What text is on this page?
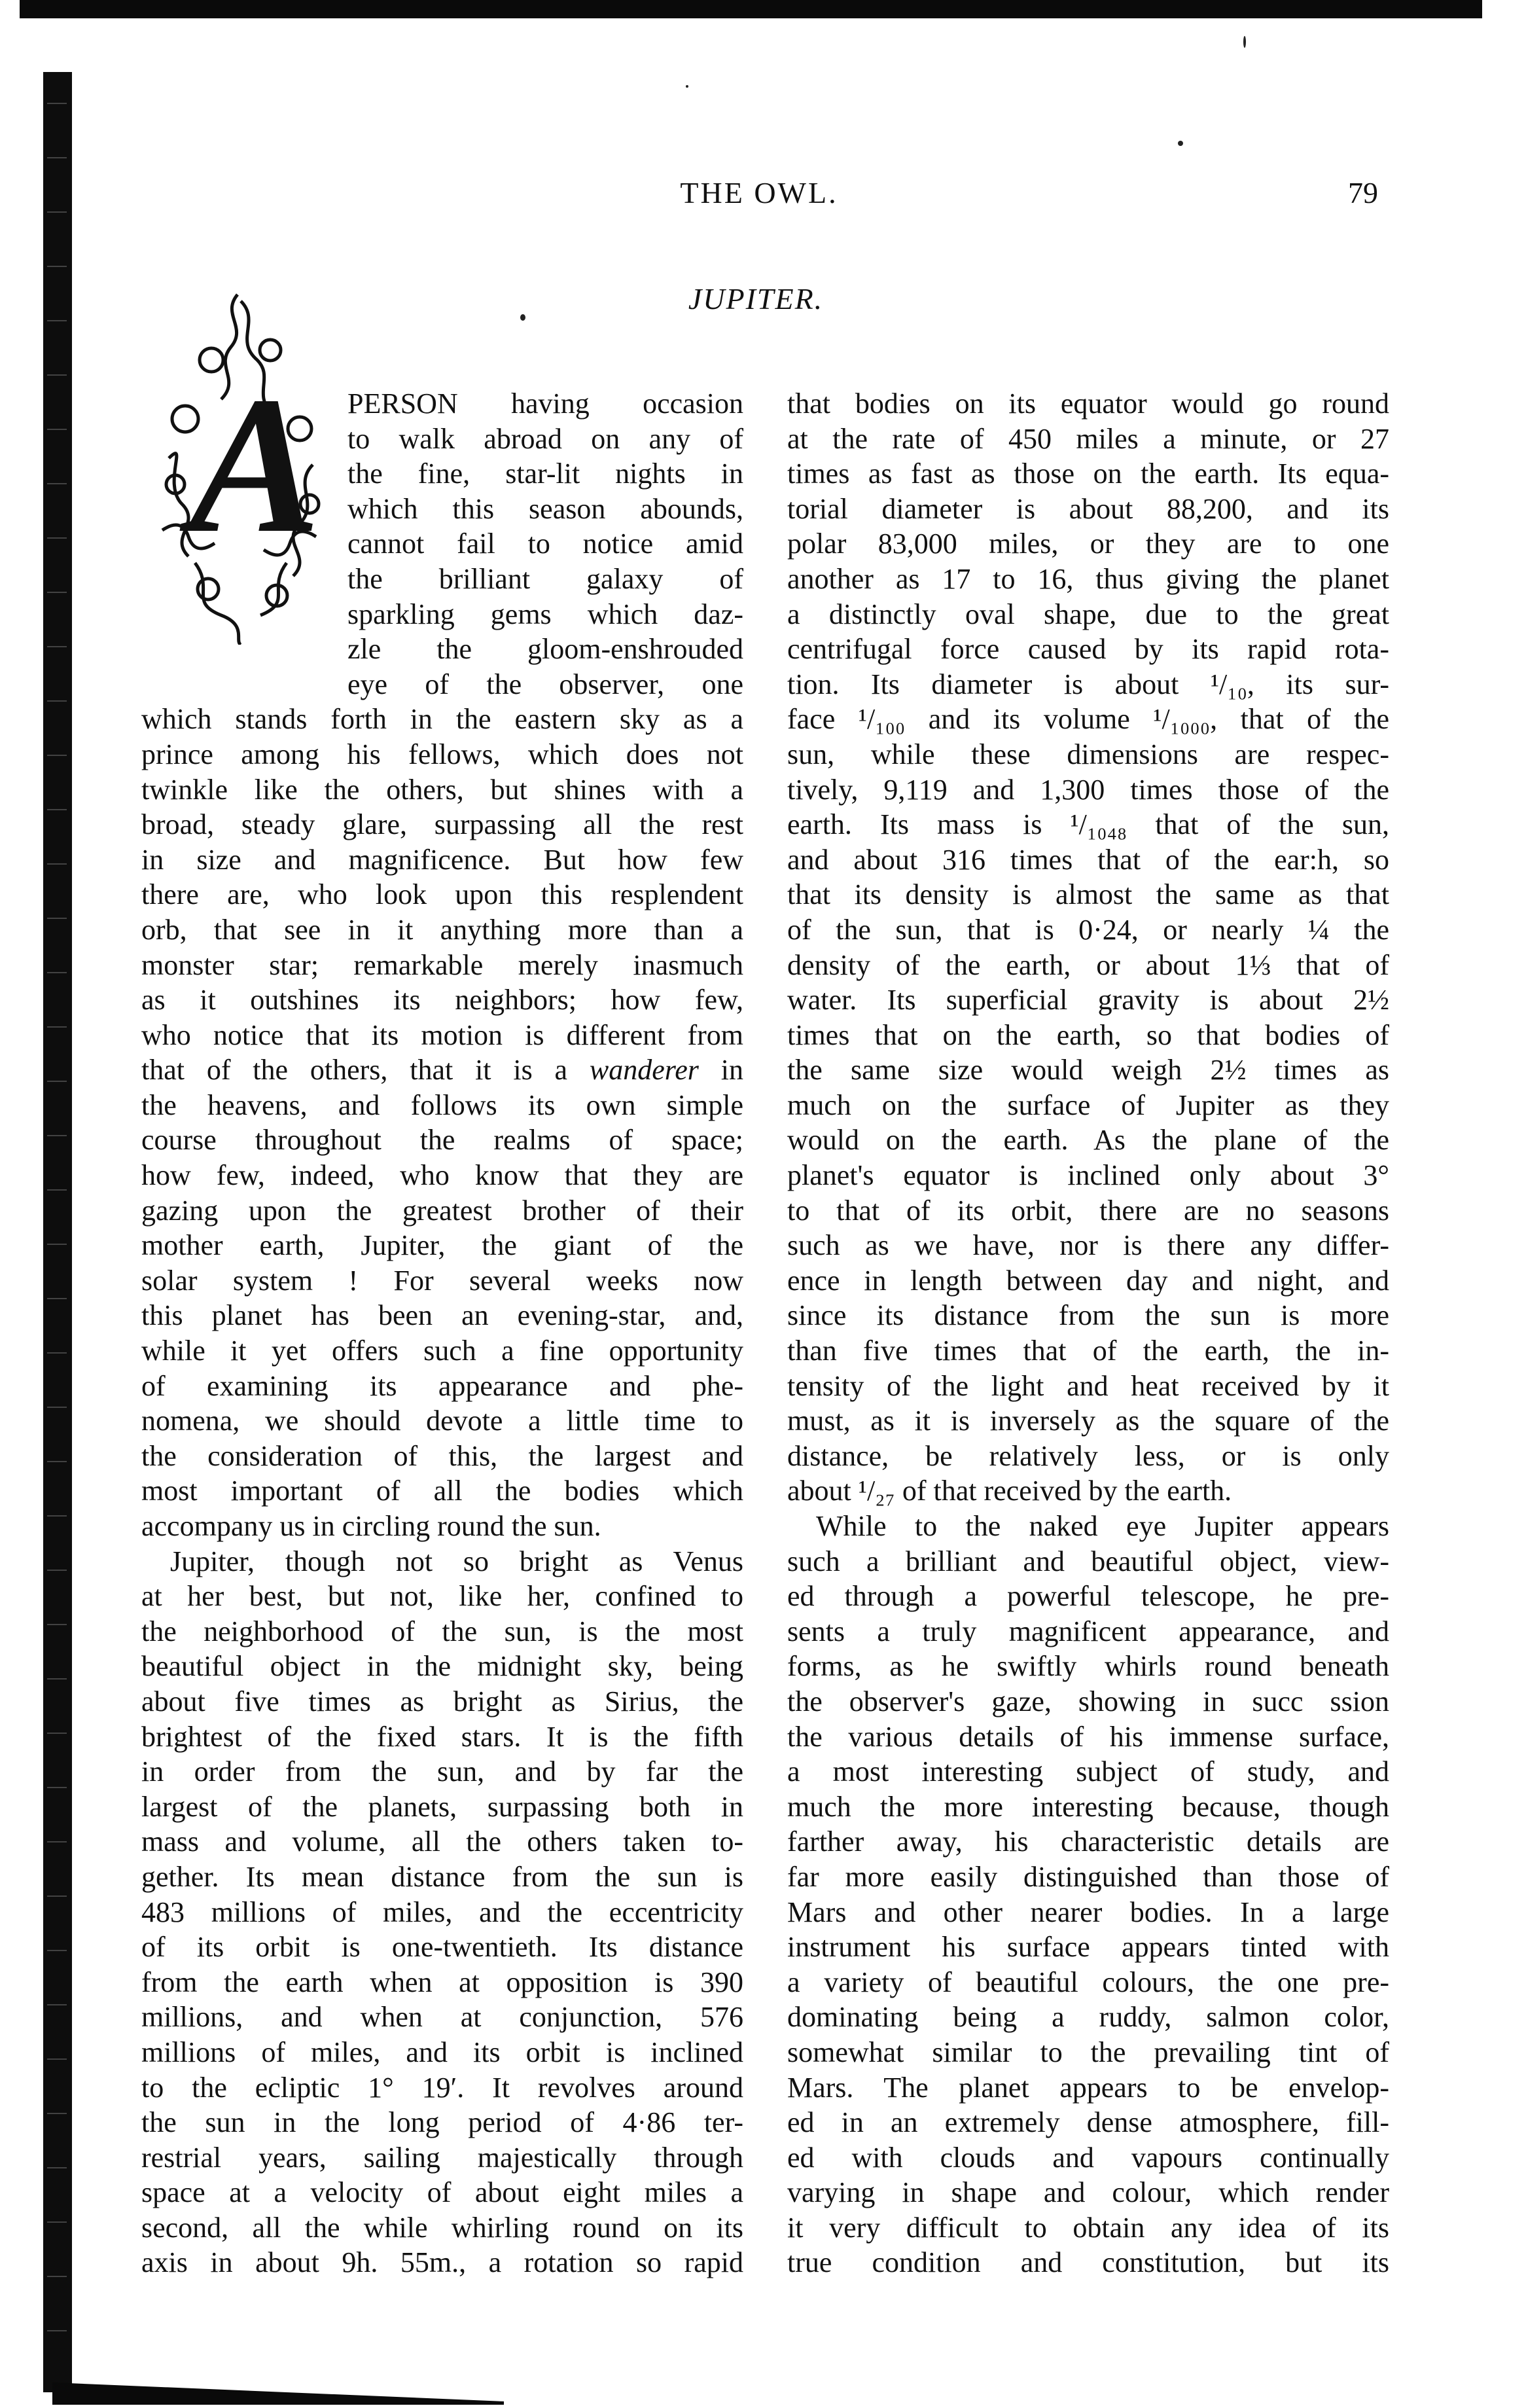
THE OWL.	79
JUPITER.
A PERSON having occasion
to walk abroad on any of
the fine, star-lit nights in
which this season abounds,
cannot fail to notice amid
the brilliant galaxy of
sparkling gems which daz-
zle the gloom-enshrouded
eye of the observer, one
which stands forth in the eastern sky as a
prince among his fellows, which does not
twinkle like the others, but shines with a
broad, steady glare, surpassing all the rest
in size and magnificence. But how few
there are, who look upon this resplendent
orb, that see in it anything more than a
monster star; remarkable merely inasmuch
as it outshines its neighbors; how few,
who notice that its motion is different from
that of the others, that it is a wanderer in
the heavens, and follows its own simple
course throughout the realms of space;
how few, indeed, who know that they are
gazing upon the greatest brother of their
mother earth, Jupiter, the giant of the
solar system ! For several weeks now
this planet has been an evening-star, and,
while it yet offers such a fine opportunity
of examining its appearance and phe-
nomena, we should devote a little time to
the consideration of this, the largest and
most important of all the bodies which
accompany us in circling round the sun.
Jupiter, though not so bright as Venus
at her best, but not, like her, confined to
the neighborhood of the sun, is the most
beautiful object in the midnight sky, being
about five times as bright as Sirius, the
brightest of the fixed stars. It is the fifth
in order from the sun, and by far the
largest of the planets, surpassing both in
mass and volume, all the others taken to-
gether. Its mean distance from the sun is
483 millions of miles, and the eccentricity
of its orbit is one-twentieth. Its distance
from the earth when at opposition is 390
millions, and when at conjunction, 576
millions of miles, and its orbit is inclined
to the ecliptic 1° 19′. It revolves around
the sun in the long period of 4·86 ter-
restrial years, sailing majestically through
space at a velocity of about eight miles a
second, all the while whirling round on its
axis in about 9h. 55m., a rotation so rapid
that bodies on its equator would go round
at the rate of 450 miles a minute, or 27
times as fast as those on the earth. Its equa-
torial diameter is about 88,200, and its
polar 83,000 miles, or they are to one
another as 17 to 16, thus giving the planet
a distinctly oval shape, due to the great
centrifugal force caused by its rapid rota-
tion. Its diameter is about ¹/₁₀, its sur-
face ¹/₁₀₀ and its volume ¹/₁₀₀₀, that of the
sun, while these dimensions are respec-
tively, 9,119 and 1,300 times those of the
earth. Its mass is ¹/₁₀₄₈ that of the sun,
and about 316 times that of the ear:h, so
that its density is almost the same as that
of the sun, that is 0·24, or nearly ¼ the
density of the earth, or about 1⅓ that of
water. Its superficial gravity is about 2½
times that on the earth, so that bodies of
the same size would weigh 2½ times as
much on the surface of Jupiter as they
would on the earth. As the plane of the
planet's equator is inclined only about 3°
to that of its orbit, there are no seasons
such as we have, nor is there any differ-
ence in length between day and night, and
since its distance from the sun is more
than five times that of the earth, the in-
tensity of the light and heat received by it
must, as it is inversely as the square of the
distance, be relatively less, or is only
about ¹/₂₇ of that received by the earth.
While to the naked eye Jupiter appears
such a brilliant and beautiful object, view-
ed through a powerful telescope, he pre-
sents a truly magnificent appearance, and
forms, as he swiftly whirls round beneath
the observer's gaze, showing in succ ssion
the various details of his immense surface,
a most interesting subject of study, and
much the more interesting because, though
farther away, his characteristic details are
far more easily distinguished than those of
Mars and other nearer bodies. In a large
instrument his surface appears tinted with
a variety of beautiful colours, the one pre-
dominating being a ruddy, salmon color,
somewhat similar to the prevailing tint of
Mars. The planet appears to be envelop-
ed in an extremely dense atmosphere, fill-
ed with clouds and vapours continually
varying in shape and colour, which render
it very difficult to obtain any idea of its
true condition and constitution, but its
